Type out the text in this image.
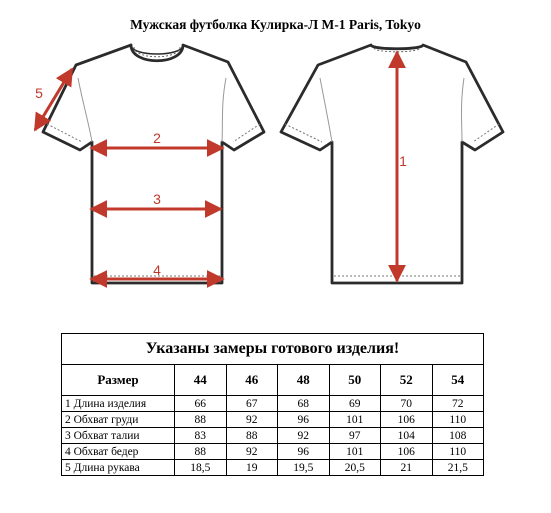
Мужская футболка Кулирка-Л М-1 Paris, Tokyo
5
2
3
4
1
Указаны замеры готового изделия!						
Размер	44	46	48	50	52	54
1 Длина изделия	66	67	68	69	70	72
2 Обхват груди	88	92	96	101	106	110
3 Обхват талии	83	88	92	97	104	108
4 Обхват бедер	88	92	96	101	106	110
5 Длина рукава	18,5	19	19,5	20,5	21	21,5
